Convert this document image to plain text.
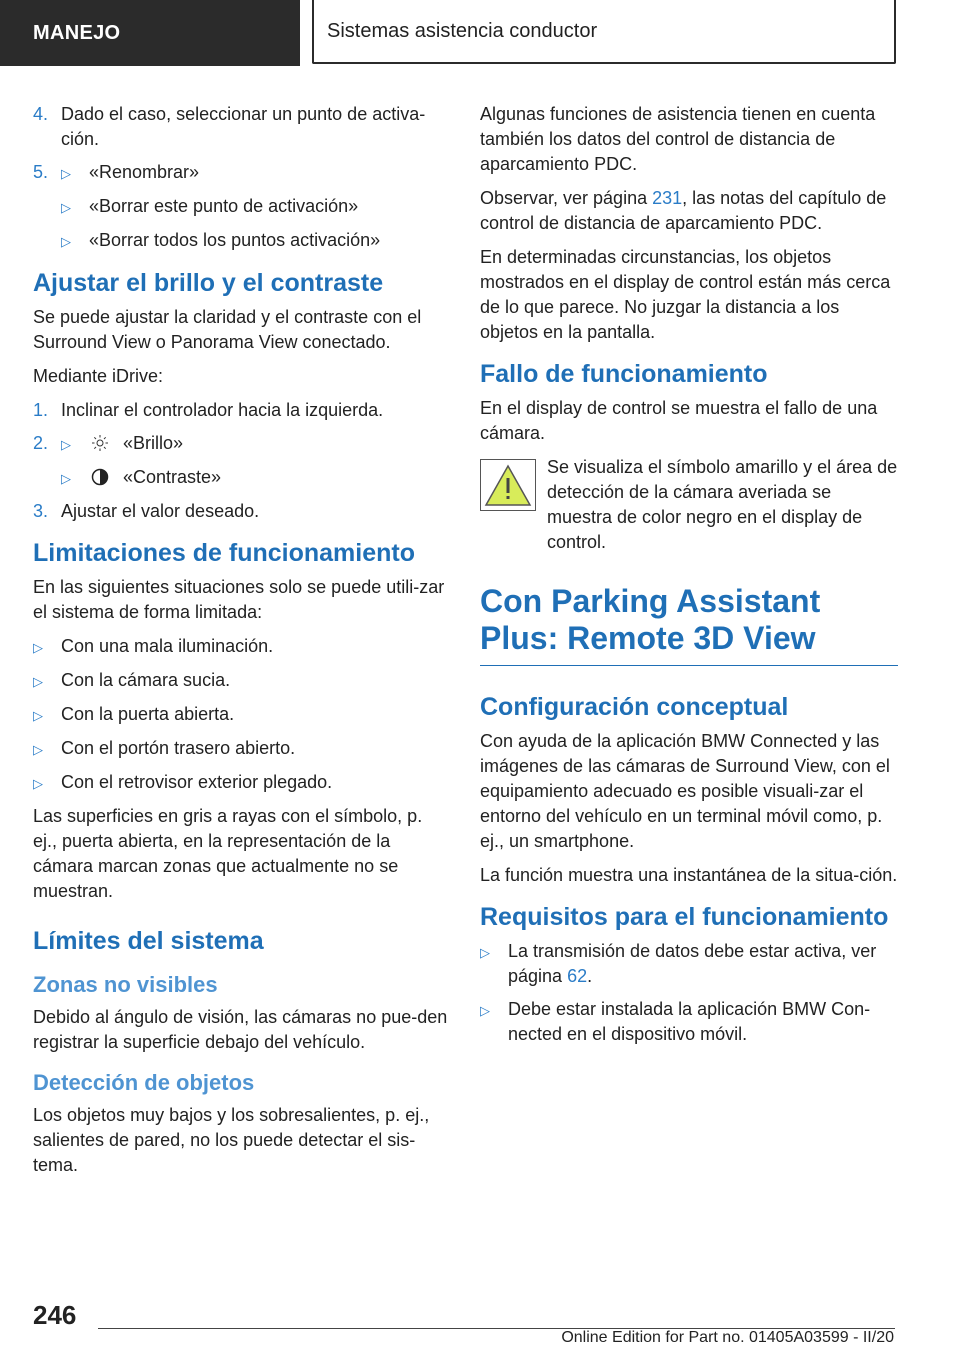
MANEJO	Sistemas asistencia conductor
4. Dado el caso, seleccionar un punto de activa-ción.
5. ▷	«Renombrar»
▷	«Borrar este punto de activación»
▷	«Borrar todos los puntos activación»
Ajustar el brillo y el contraste

Se puede ajustar la claridad y el contraste con el Surround View o Panorama View conectado.

Mediante iDrive:

1. Inclinar el controlador hacia la izquierda.
2. ▷	«Brillo»
▷	«Contraste»
3. Ajustar el valor deseado.
Limitaciones de funcionamiento

En las siguientes situaciones solo se puede utili-zar el sistema de forma limitada:

▷	Con una mala iluminación.
▷	Con la cámara sucia.
▷	Con la puerta abierta.
▷	Con el portón trasero abierto.
▷	Con el retrovisor exterior plegado.

Las superficies en gris a rayas con el símbolo, p. ej., puerta abierta, en la representación de la cámara marcan zonas que actualmente no se muestran.

Límites del sistema
Zonas no visibles

Debido al ángulo de visión, las cámaras no pue-den registrar la superficie debajo del vehículo.

Detección de objetos

Los objetos muy bajos y los sobresalientes, p. ej., salientes de pared, no los puede detectar el sis-tema.

Algunas funciones de asistencia tienen en cuenta también los datos del control de distancia de aparcamiento PDC.

Observar, ver página 231, las notas del capítulo de control de distancia de aparcamiento PDC.

En determinadas circunstancias, los objetos mostrados en el display de control están más cerca de lo que parece. No juzgar la distancia a los objetos en la pantalla.

Fallo de funcionamiento

En el display de control se muestra el fallo de una cámara.

Se visualiza el símbolo amarillo y el área de detección de la cámara averiada se muestra de color negro en el display de control.

Con Parking Assistant Plus: Remote 3D View
Configuración conceptual

Con ayuda de la aplicación BMW Connected y las imágenes de las cámaras de Surround View, con el equipamiento adecuado es posible visuali-zar el entorno del vehículo en un terminal móvil como, p. ej., un smartphone.

La función muestra una instantánea de la situa-ción.

Requisitos para el funcionamiento
▷	La transmisión de datos debe estar activa, ver página 62.
▷	Debe estar instalada la aplicación BMW Con-nected en el dispositivo móvil.
246
Online Edition for Part no. 01405A03599 - II/20
